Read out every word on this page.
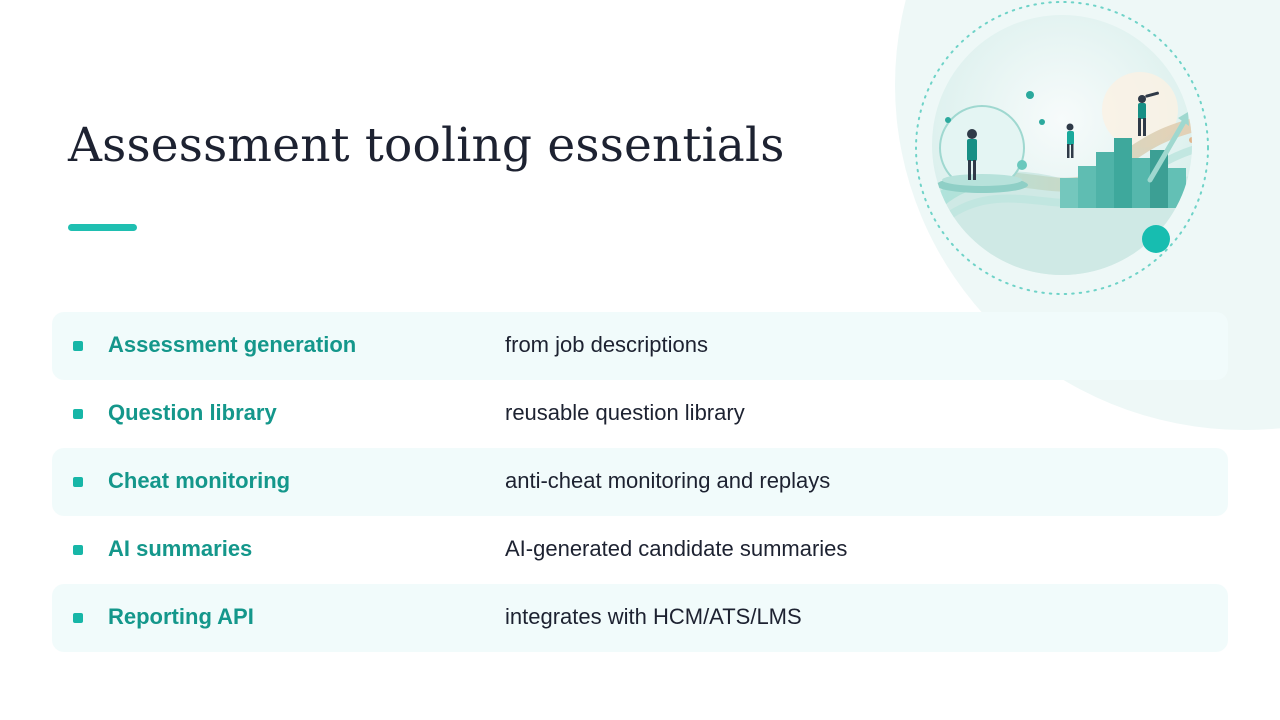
Assessment tooling essentials
Assessment generation	from job descriptions
Question library	reusable question library
Cheat monitoring	anti-cheat monitoring and replays
AI summaries	AI-generated candidate summaries
Reporting API	integrates with HCM/ATS/LMS
